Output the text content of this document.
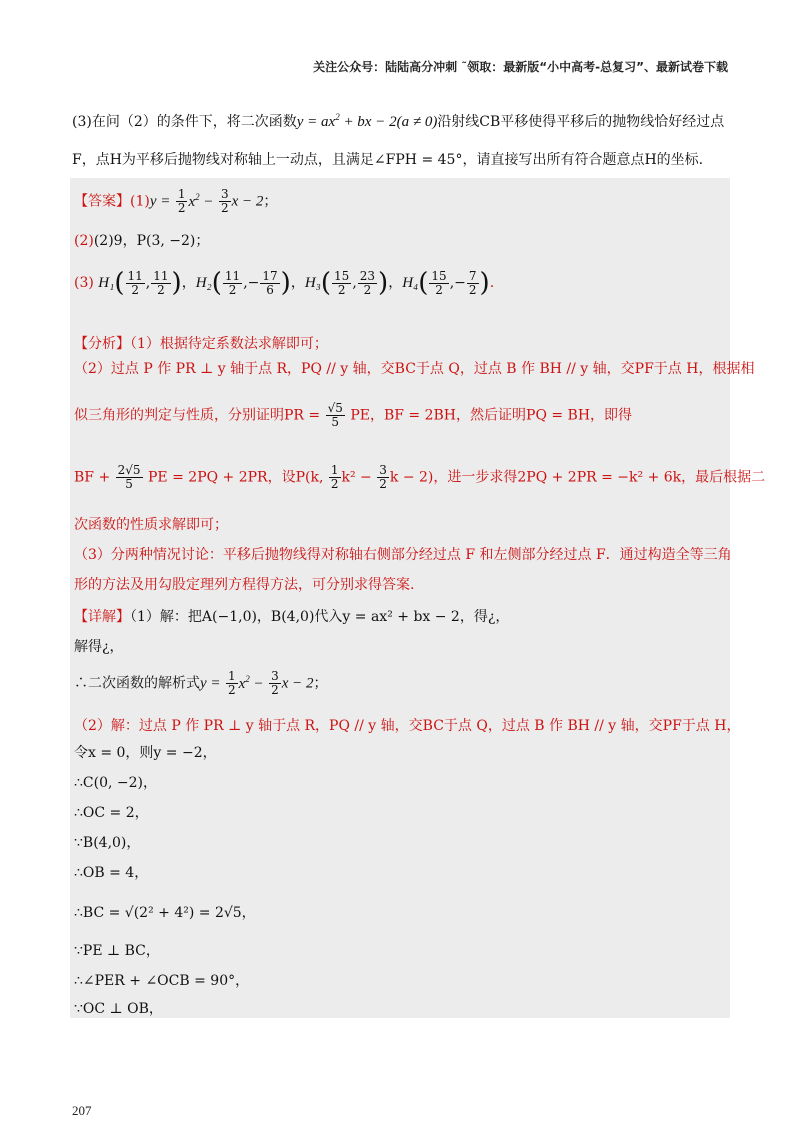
关注公众号：陆陆高分冲刺 ˜领取：最新版“小中高考-总复习”、最新试卷下载
(3)在问（2）的条件下，将二次函数$y = ax^2$ + bx − 2(a ≠ 0)沿射线CB平移使得平移后的抛物线恰好经过点
F，点H为平移后抛物线对称轴上一动点，且满足∠FPH = 45°，请直接写出所有符合题意点H的坐标.
【答案】$(1)y = \frac{1}{2} x^2 - \frac{3}{2}$ x − 2；
(2)(2)9，P(3, −2)；
(3) $H_1( \frac{11}{2}$ , $\frac{11}{2}$ )，$H_2( \frac{11}{2}$ ,− $\frac{17}{6}$ )，$H_3( \frac{15}{2}$ , $\frac{23}{2}$ )，$H_4( \frac{15}{2}$ ,− $\frac{7}{2}$ ).
【分析】（1）根据待定系数法求解即可；
（2）过点 P 作 PR ⊥ y 轴于点 R，PQ // y 轴，交BC于点 Q，过点 B 作 BH // y 轴，交PF于点 H，根据相
似三角形的判定与性质，分别证明PR = $\frac{√5}{5}$ PE，BF = 2BH，然后证明PQ = BH，即得
BF + $\frac{2√5}{5}$ PE = 2PQ + 2PR，设P(k, $\frac{1}{2} k^2 - \frac{3}{2}$ k − 2)，进一步求得2PQ + 2PR = −k² + 6k，最后根据二
次函数的性质求解即可；
（3）分两种情况讨论：平移后抛物线得对称轴右侧部分经过点 F 和左侧部分经过点 F．通过构造全等三角
形的方法及用勾股定理列方程得方法，可分别求得答案.
【详解】（1）解：把A(−1,0)，B(4,0)代入y = ax² + bx − 2，得¿，
解得¿，
∴二次函数的解析式$y = \frac{1}{2} x^2 - \frac{3}{2}$ x − 2；
（2）解：过点 P 作 PR ⊥ y 轴于点 R，PQ // y 轴，交BC于点 Q，过点 B 作 BH // y 轴，交PF于点 H，
令x = 0，则y = −2，
∴C(0, −2)，
∴OC = 2，
∵B(4,0)，
∴OB = 4，
∴BC = √(2² + 4²) = 2√5，
∵PE ⊥ BC，
∴∠PER + ∠OCB = 90°，
∵OC ⊥ OB，
207
